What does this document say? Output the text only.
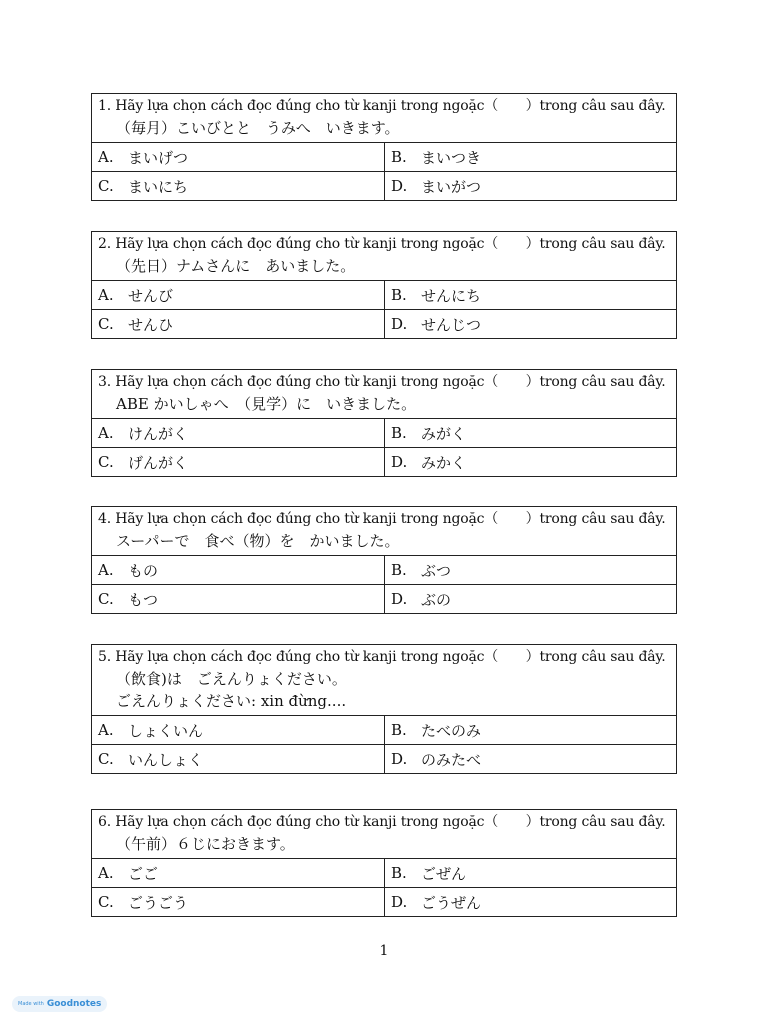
1. Hãy lựa chọn cách đọc đúng cho từ kanji trong ngoặc（　　）trong câu sau đây.
（毎月）こいびとと　うみへ　いきます。
A. まいげつ	B. まいつき
C. まいにち	D. まいがつ
2. Hãy lựa chọn cách đọc đúng cho từ kanji trong ngoặc（　　）trong câu sau đây.
（先日）ナムさんに　あいました。
A. せんび	B. せんにち
C. せんひ	D. せんじつ
3. Hãy lựa chọn cách đọc đúng cho từ kanji trong ngoặc（　　）trong câu sau đây.
ABE かいしゃへ　（見学）に　いきました。
A. けんがく	B. みがく
C. げんがく	D. みかく
4. Hãy lựa chọn cách đọc đúng cho từ kanji trong ngoặc（　　）trong câu sau đây.
スーパーで　食べ（物）を　かいました。
A. もの	B. ぶつ
C. もつ	D. ぶの
5. Hãy lựa chọn cách đọc đúng cho từ kanji trong ngoặc（　　）trong câu sau đây.
（飲食)は　ごえんりょください。
ごえんりょください: xin đừng....
A. しょくいん	B. たべのみ
C. いんしょく	D. のみたべ
6. Hãy lựa chọn cách đọc đúng cho từ kanji trong ngoặc（　　）trong câu sau đây.
（午前）６じにおきます。
A. ごご	B. ごぜん
C. ごうごう	D. ごうぜん
1
Made with Goodnotes
